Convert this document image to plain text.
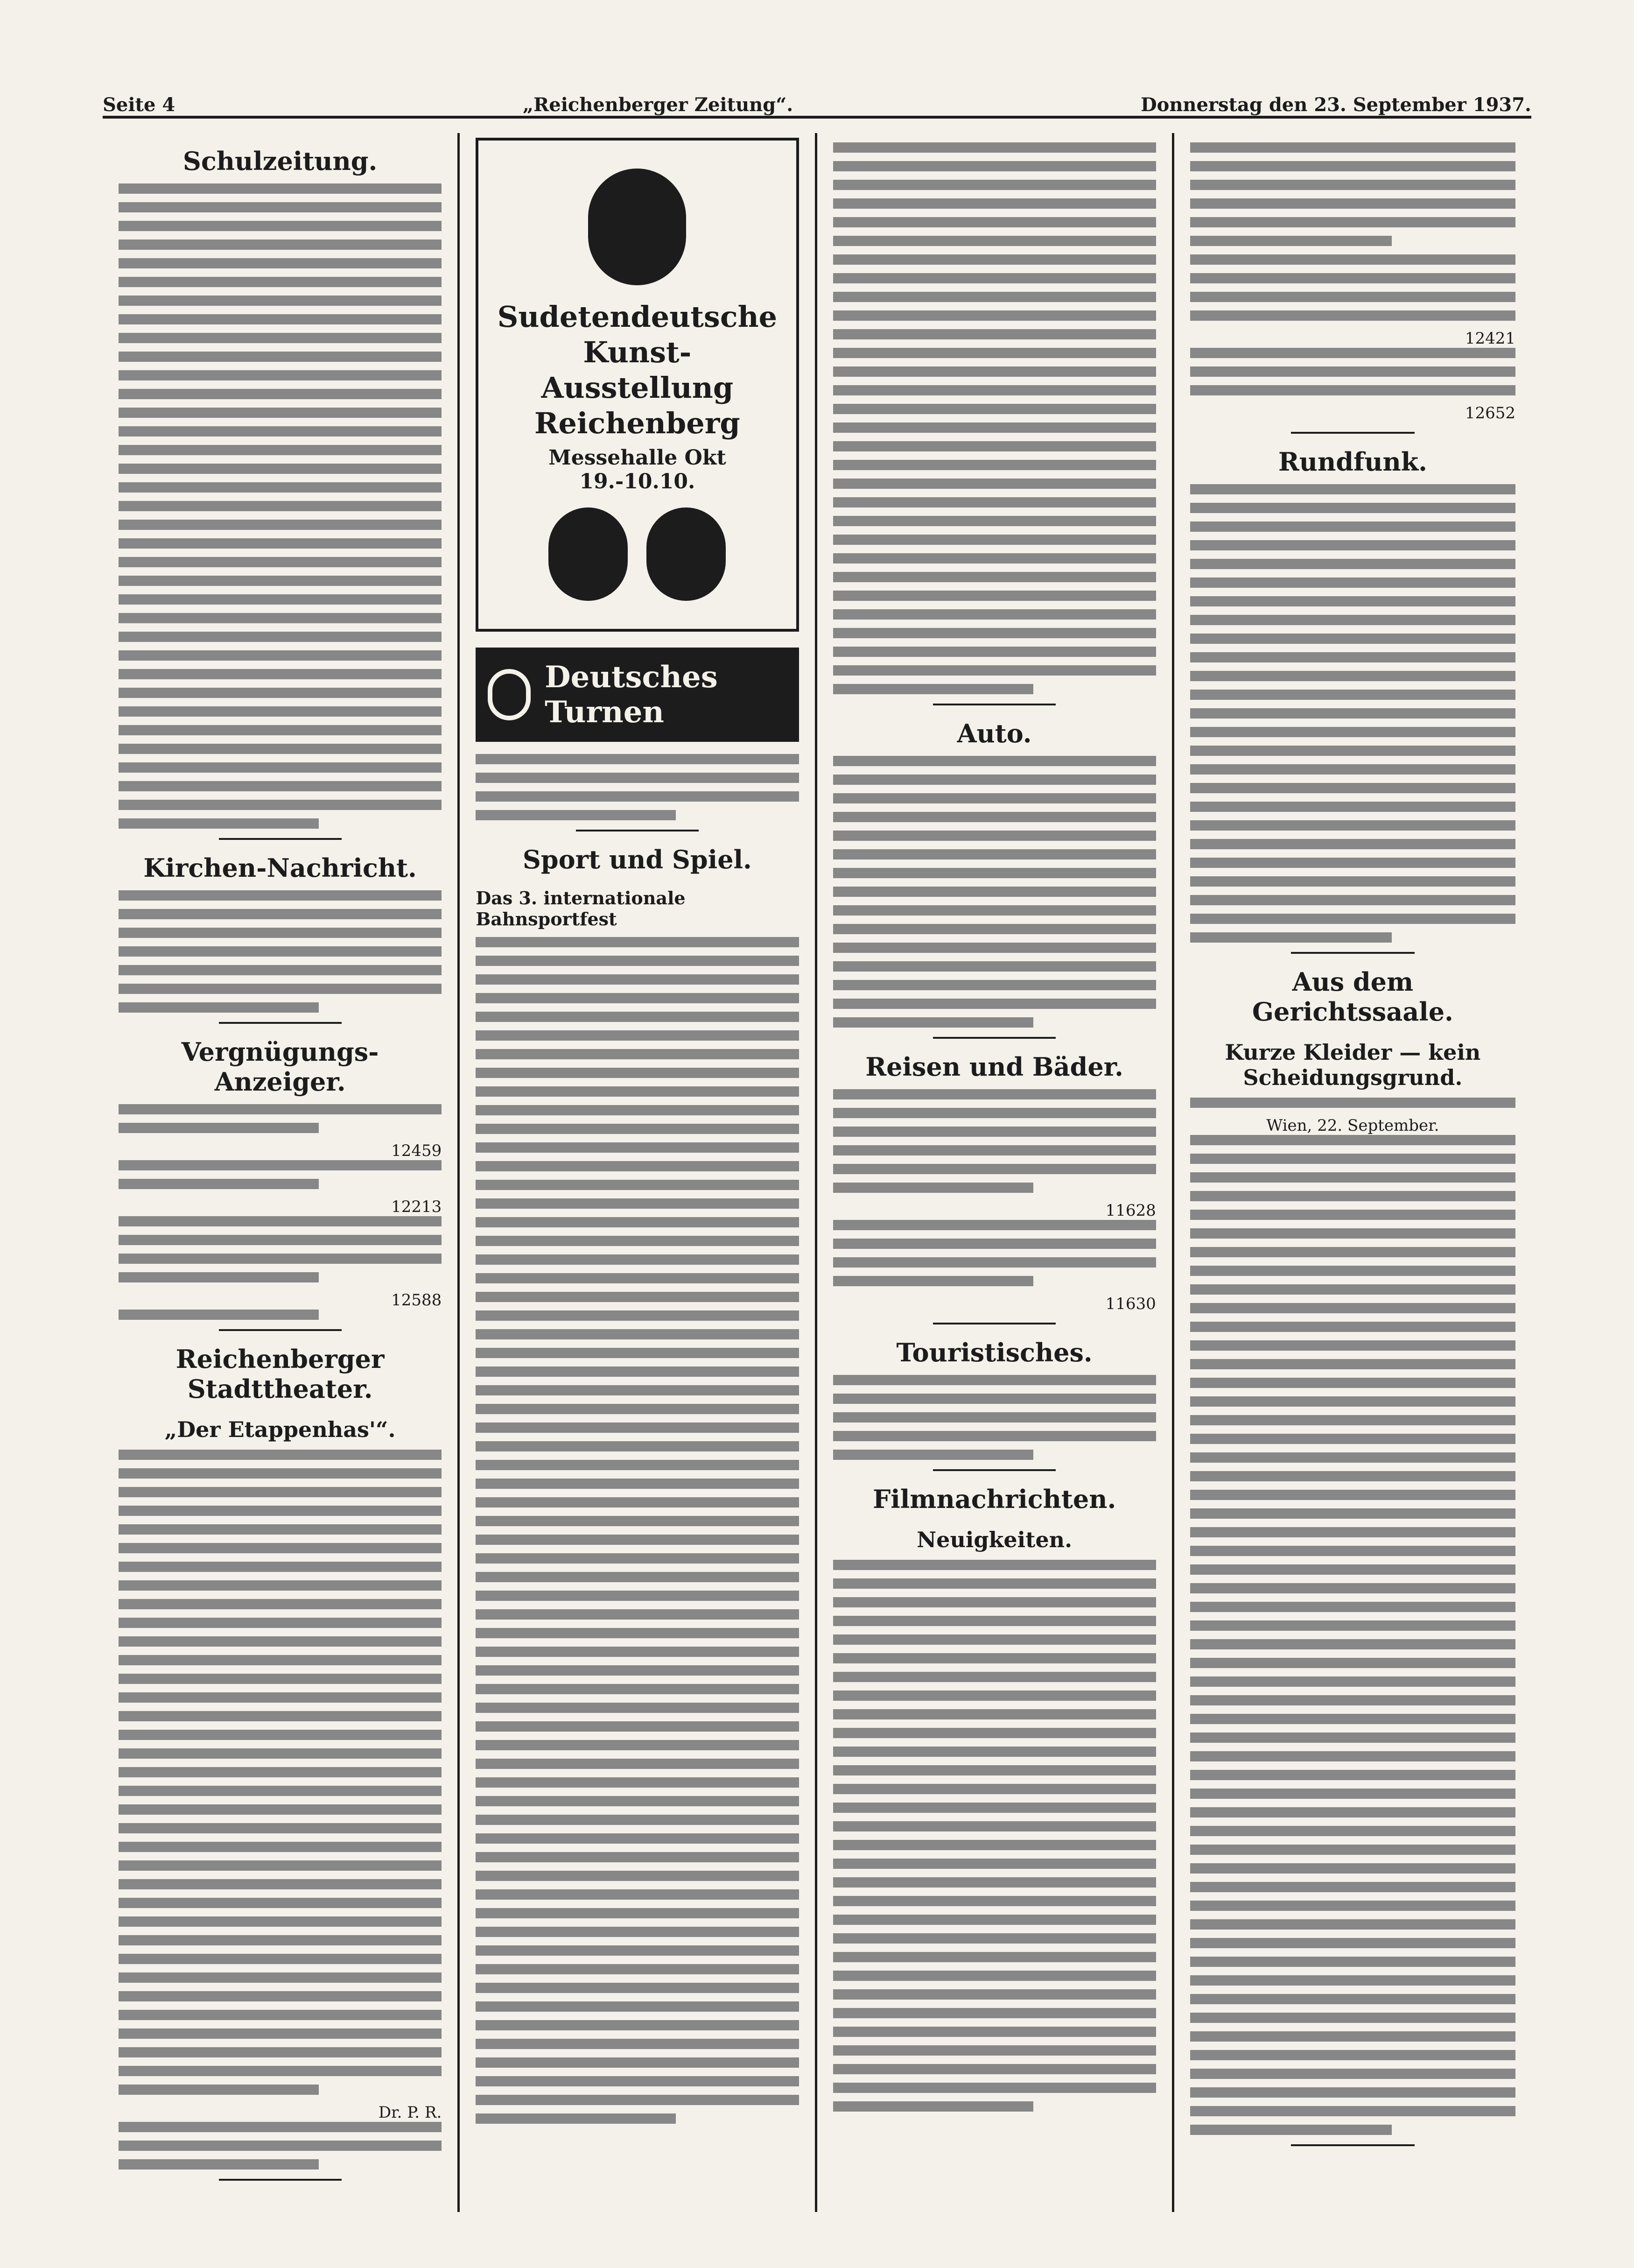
Seite 4	„Reichenberger Zeitung“.	Donnerstag den 23. September 1937.
Schulzeitung.
Kirchen-Nachricht.
Vergnügungs-Anzeiger.
12459
12213
12588
Reichenberger Stadttheater.
„Der Etappenhas'“.
Dr. P. R.
Sudetendeutsche Kunst-Ausstellung Reichenberg
Messehalle Okt 19.-10.10.
Deutsches Turnen
Sport und Spiel.
Das 3. internationale Bahnsportfest
Auto.
Reisen und Bäder.
11628
11630
Touristisches.
Filmnachrichten.
Neuigkeiten.
12421
12652
Rundfunk.
Aus dem Gerichtssaale.
Kurze Kleider — kein Scheidungsgrund.
Wien, 22. September.
